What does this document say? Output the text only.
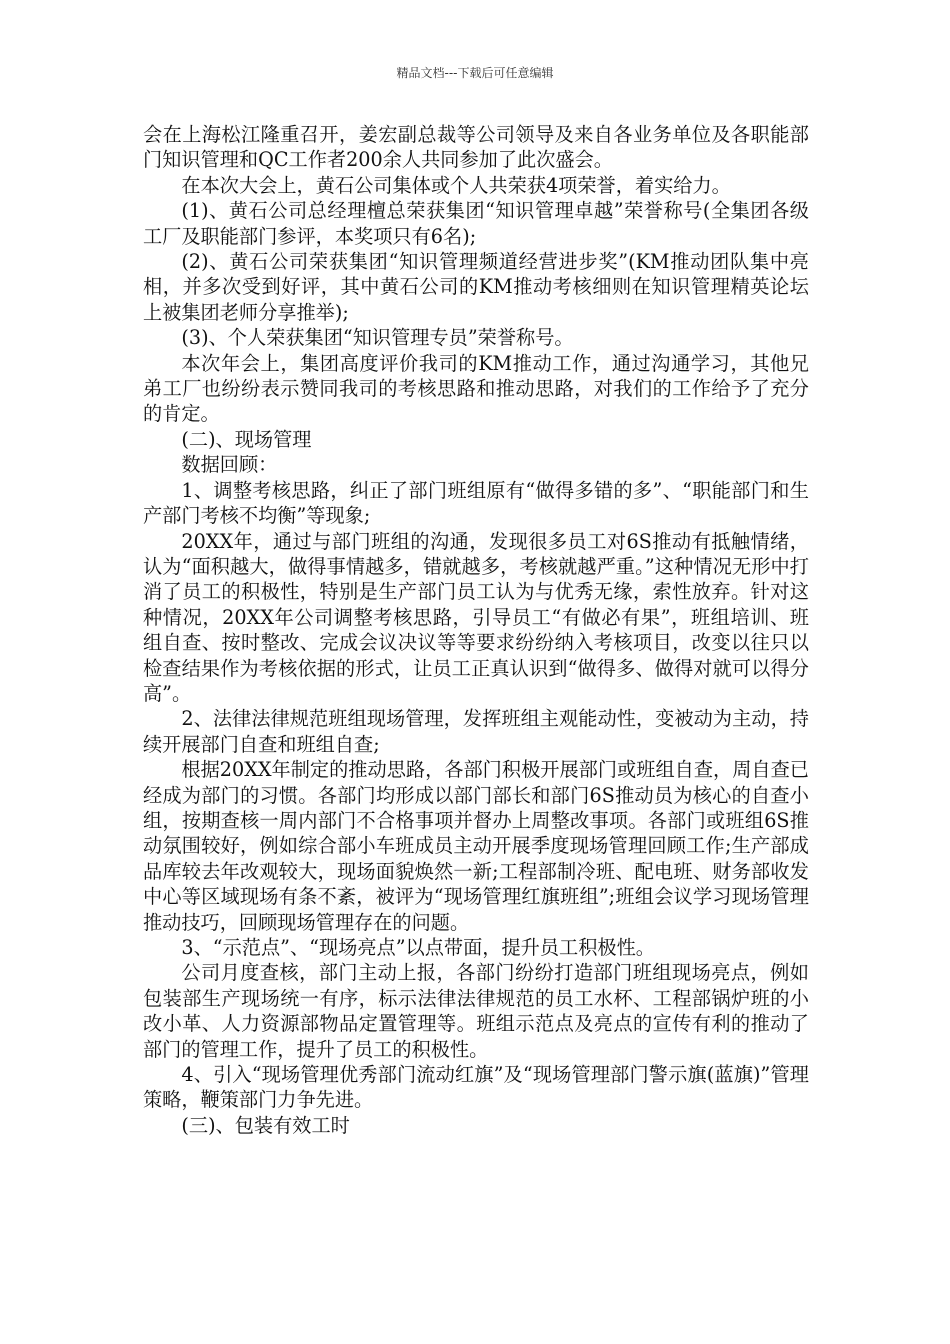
精品文档---下载后可任意编辑

会在上海松江隆重召开，姜宏副总裁等公司领导及来自各业务单位及各职能部门知识管理和QC工作者200余人共同参加了此次盛会。

在本次大会上，黄石公司集体或个人共荣获4项荣誉，着实给力。

(1)、黄石公司总经理檀总荣获集团“知识管理卓越”荣誉称号(全集团各级工厂及职能部门参评，本奖项只有6名);

(2)、黄石公司荣获集团“知识管理频道经营进步奖”(KM推动团队集中亮相，并多次受到好评，其中黄石公司的KM推动考核细则在知识管理精英论坛上被集团老师分享推举);

(3)、个人荣获集团“知识管理专员”荣誉称号。

本次年会上，集团高度评价我司的KM推动工作，通过沟通学习，其他兄弟工厂也纷纷表示赞同我司的考核思路和推动思路，对我们的工作给予了充分的肯定。

(二)、现场管理

数据回顾：

1、调整考核思路，纠正了部门班组原有“做得多错的多”、“职能部门和生产部门考核不均衡”等现象;

20XX年，通过与部门班组的沟通，发现很多员工对6S推动有抵触情绪，认为“面积越大，做得事情越多，错就越多，考核就越严重。”这种情况无形中打消了员工的积极性，特别是生产部门员工认为与优秀无缘，索性放弃。针对这种情况，20XX年公司调整考核思路，引导员工“有做必有果”，班组培训、班组自查、按时整改、完成会议决议等等要求纷纷纳入考核项目，改变以往只以检查结果作为考核依据的形式，让员工正真认识到“做得多、做得对就可以得分高”。

2、法律法律规范班组现场管理，发挥班组主观能动性，变被动为主动，持续开展部门自查和班组自查;

根据20XX年制定的推动思路，各部门积极开展部门或班组自查，周自查已经成为部门的习惯。各部门均形成以部门部长和部门6S推动员为核心的自查小组，按期查核一周内部门不合格事项并督办上周整改事项。各部门或班组6S推动氛围较好，例如综合部小车班成员主动开展季度现场管理回顾工作;生产部成品库较去年改观较大，现场面貌焕然一新;工程部制冷班、配电班、财务部收发中心等区域现场有条不紊，被评为“现场管理红旗班组”;班组会议学习现场管理推动技巧，回顾现场管理存在的问题。

3、“示范点”、“现场亮点”以点带面，提升员工积极性。

公司月度查核，部门主动上报，各部门纷纷打造部门班组现场亮点，例如包装部生产现场统一有序，标示法律法律规范的员工水杯、工程部锅炉班的小改小革、人力资源部物品定置管理等。班组示范点及亮点的宣传有利的推动了部门的管理工作，提升了员工的积极性。

4、引入“现场管理优秀部门流动红旗”及“现场管理部门警示旗(蓝旗)”管理策略，鞭策部门力争先进。

(三)、包装有效工时
